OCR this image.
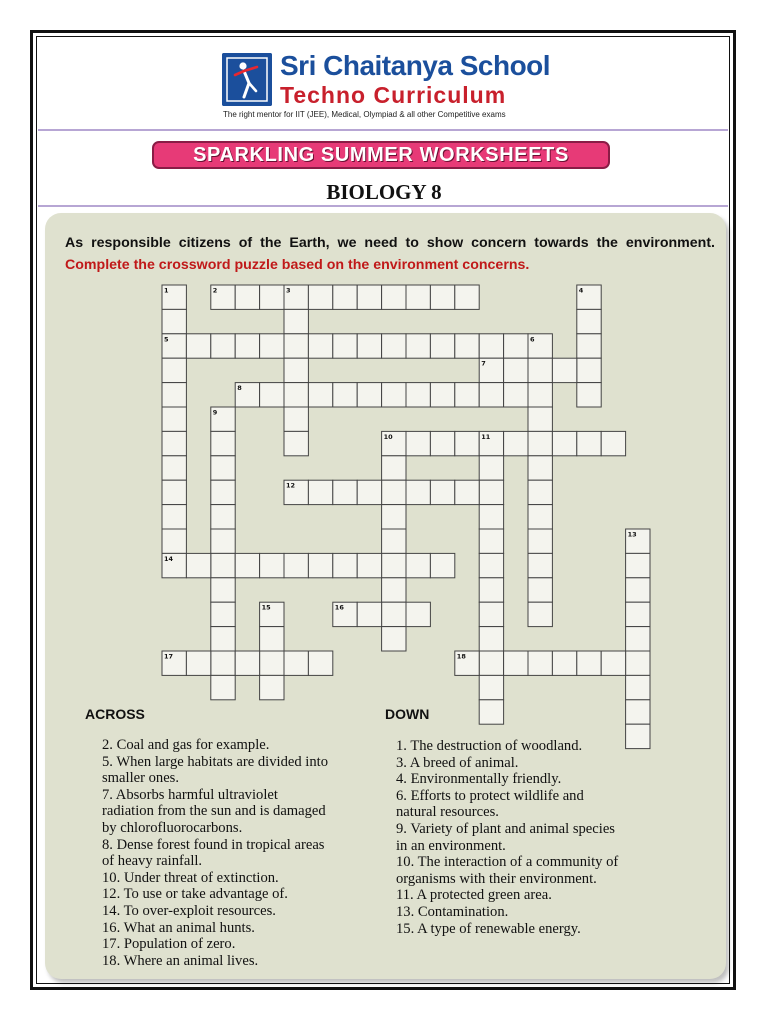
Sri Chaitanya School
Techno Curriculum
The right mentor for IIT (JEE), Medical, Olympiad & all other Competitive exams
SPARKLING SUMMER WORKSHEETS
BIOLOGY 8
As responsible citizens of the Earth, we need to show concern towards the environment. Complete the crossword puzzle based on the environment concerns.
1	2	3	4
5	6
7
8
9
10	11
12
13
14
15	16
17	18
ACROSS
2. Coal and gas for example.
5. When large habitats are divided into
smaller ones.
7. Absorbs harmful ultraviolet
radiation from the sun and is damaged
by chlorofluorocarbons.
8. Dense forest found in tropical areas
of heavy rainfall.
10. Under threat of extinction.
12. To use or take advantage of.
14. To over-exploit resources.
16. What an animal hunts.
17. Population of zero.
18. Where an animal lives.
DOWN
1. The destruction of woodland.
3. A breed of animal.
4. Environmentally friendly.
6. Efforts to protect wildlife and
natural resources.
9. Variety of plant and animal species
in an environment.
10. The interaction of a community of
organisms with their environment.
11. A protected green area.
13. Contamination.
15. A type of renewable energy.
